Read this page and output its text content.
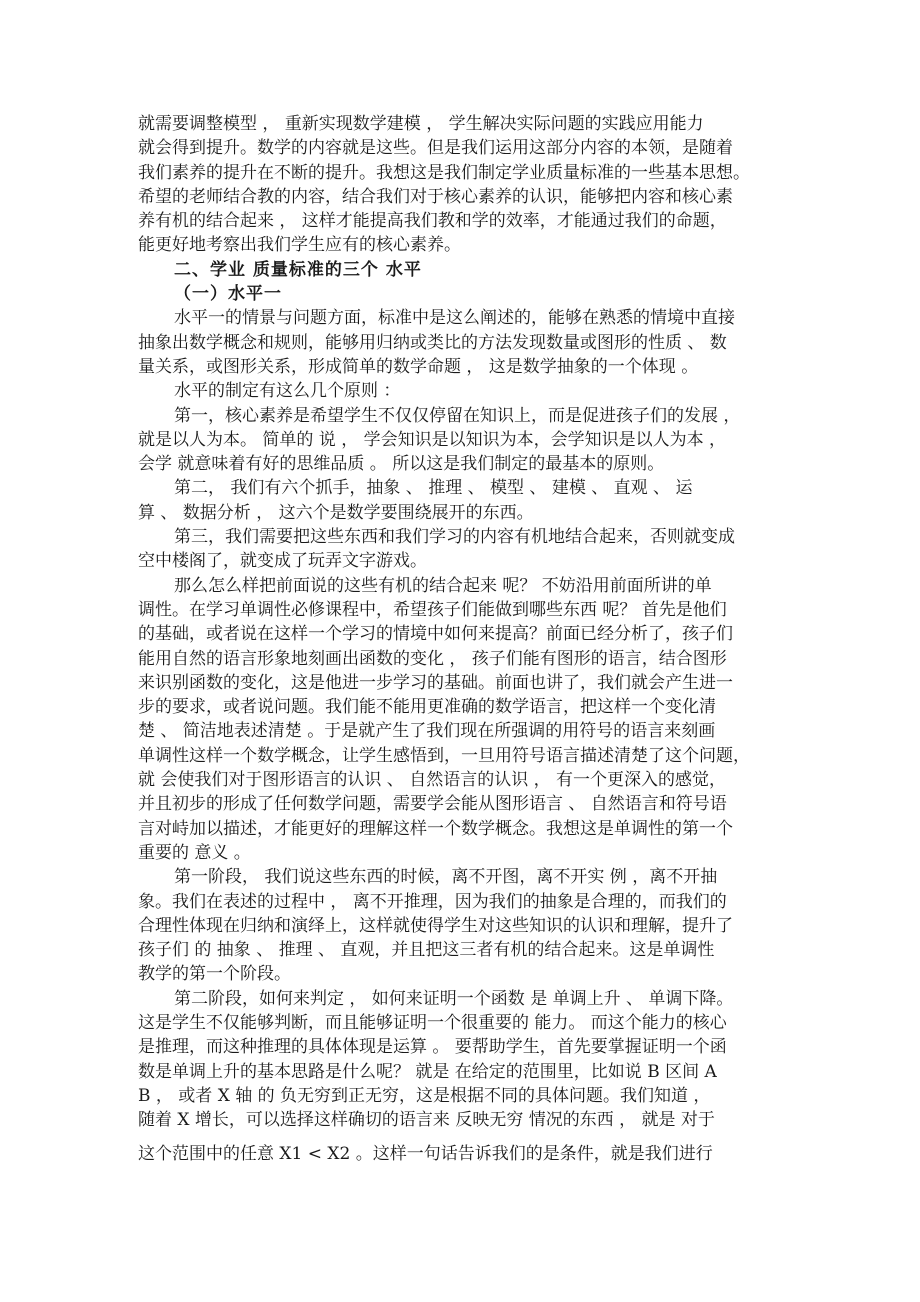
就需要调整模型 ， 重新实现数学建模 ， 学生解决实际问题的实践应用能力
就会得到提升。数学的内容就是这些。但是我们运用这部分内容的本领，是随着
我们素养的提升在不断的提升。我想这是我们制定学业质量标准的一些基本思想。
希望的老师结合教的内容，结合我们对于核心素养的认识，能够把内容和核心素
养有机的结合起来 ， 这样才能提高我们教和学的效率，才能通过我们的命题，
能更好地考察出我们学生应有的核心素养。
二、学业 质量标准的三个 水平
（一）水平一
水平一的情景与问题方面，标准中是这么阐述的，能够在熟悉的情境中直接
抽象出数学概念和规则，能够用归纳或类比的方法发现数量或图形的性质 、 数
量关系，或图形关系，形成简单的数学命题 ， 这是数学抽象的一个体现 。
水平的制定有这么几个原则 ：
第一，核心素养是希望学生不仅仅停留在知识上，而是促进孩子们的发展 ，
就是以人为本。 简单的 说 ， 学会知识是以知识为本，会学知识是以人为本 ，
会学 就意味着有好的思维品质 。 所以这是我们制定的最基本的原则。
第二， 我们有六个抓手，抽象 、 推理 、 模型 、 建模 、 直观 、 运
算 、 数据分析 ， 这六个是数学要围绕展开的东西。
第三，我们需要把这些东西和我们学习的内容有机地结合起来，否则就变成
空中楼阁了，就变成了玩弄文字游戏。
那么怎么样把前面说的这些有机的结合起来 呢？ 不妨沿用前面所讲的单
调性。在学习单调性必修课程中，希望孩子们能做到哪些东西 呢？ 首先是他们
的基础，或者说在这样一个学习的情境中如何来提高？前面已经分析了，孩子们
能用自然的语言形象地刻画出函数的变化 ， 孩子们能有图形的语言，结合图形
来识别函数的变化，这是他进一步学习的基础。前面也讲了，我们就会产生进一
步的要求，或者说问题。我们能不能用更准确的数学语言，把这样一个变化清
楚 、 简洁地表述清楚 。于是就产生了我们现在所强调的用符号的语言来刻画
单调性这样一个数学概念，让学生感悟到，一旦用符号语言描述清楚了这个问题，
就 会使我们对于图形语言的认识 、 自然语言的认识 ， 有一个更深入的感觉，
并且初步的形成了任何数学问题，需要学会能从图形语言 、 自然语言和符号语
言对峙加以描述，才能更好的理解这样一个数学概念。我想这是单调性的第一个
重要的 意义 。
第一阶段， 我们说这些东西的时候，离不开图，离不开实 例 ，离不开抽
象。我们在表述的过程中 ， 离不开推理，因为我们的抽象是合理的，而我们的
合理性体现在归纳和演绎上，这样就使得学生对这些知识的认识和理解，提升了
孩子们 的 抽象 、 推理 、 直观，并且把这三者有机的结合起来。这是单调性
教学的第一个阶段。
第二阶段，如何来判定 ， 如何来证明一个函数 是 单调上升 、 单调下降。
这是学生不仅能够判断，而且能够证明一个很重要的 能力。 而这个能力的核心
是推理，而这种推理的具体体现是运算 。 要帮助学生，首先要掌握证明一个函
数是单调上升的基本思路是什么呢？ 就是 在给定的范围里，比如说 B 区间 A
B ， 或者 X 轴 的 负无穷到正无穷，这是根据不同的具体问题。我们知道 ，
随着 X 增长，可以选择这样确切的语言来 反映无穷 情况的东西 ， 就是 对于
这个范围中的任意 X1 < X2 。这样一句话告诉我们的是条件，就是我们进行
